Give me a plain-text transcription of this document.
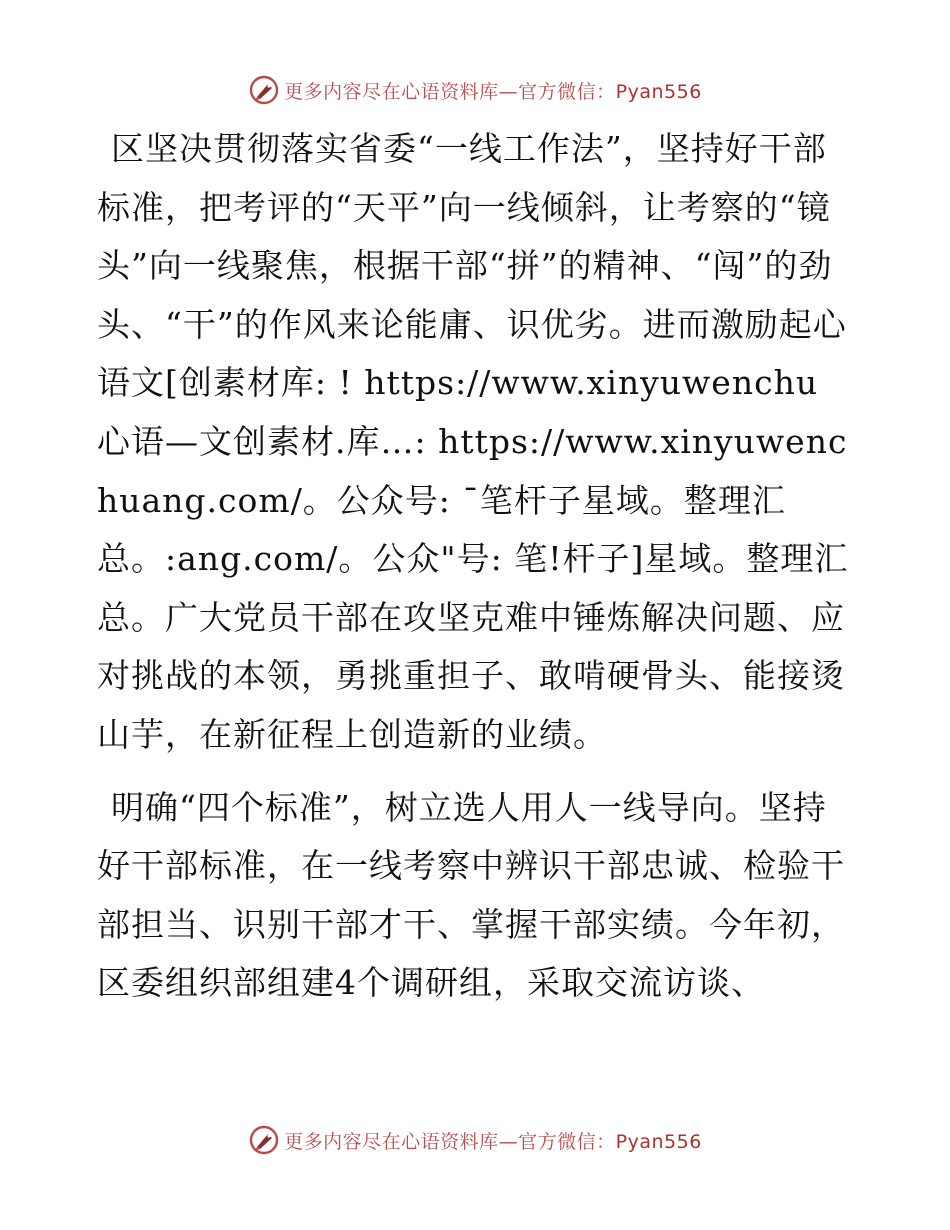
更多内容尽在心语资料库—官方微信：Pyan556

区坚决贯彻落实省委“一线工作法”，坚持好干部标准，把考评的“天平”向一线倾斜，让考察的“镜头”向一线聚焦，根据干部“拼”的精神、“闯”的劲头、“干”的作风来论能庸、识优劣。进而激励起心语文[创素材库: ! https://www.xinyuwenchu心语—文创素材.库…: https://www.xinyuwenchuang.com/。公众号: ¯笔杆子星域。整理汇总。:ang.com/。公众"号: 笔!杆子]星域。整理汇总。广大党员干部在攻坚克难中锤炼解决问题、应对挑战的本领，勇挑重担子、敢啃硬骨头、能接烫山芋，在新征程上创造新的业绩。

明确“四个标准”，树立选人用人一线导向。坚持好干部标准，在一线考察中辨识干部忠诚、检验干部担当、识别干部才干、掌握干部实绩。今年初，区委组织部组建4个调研组，采取交流访谈、

更多内容尽在心语资料库—官方微信：Pyan556
